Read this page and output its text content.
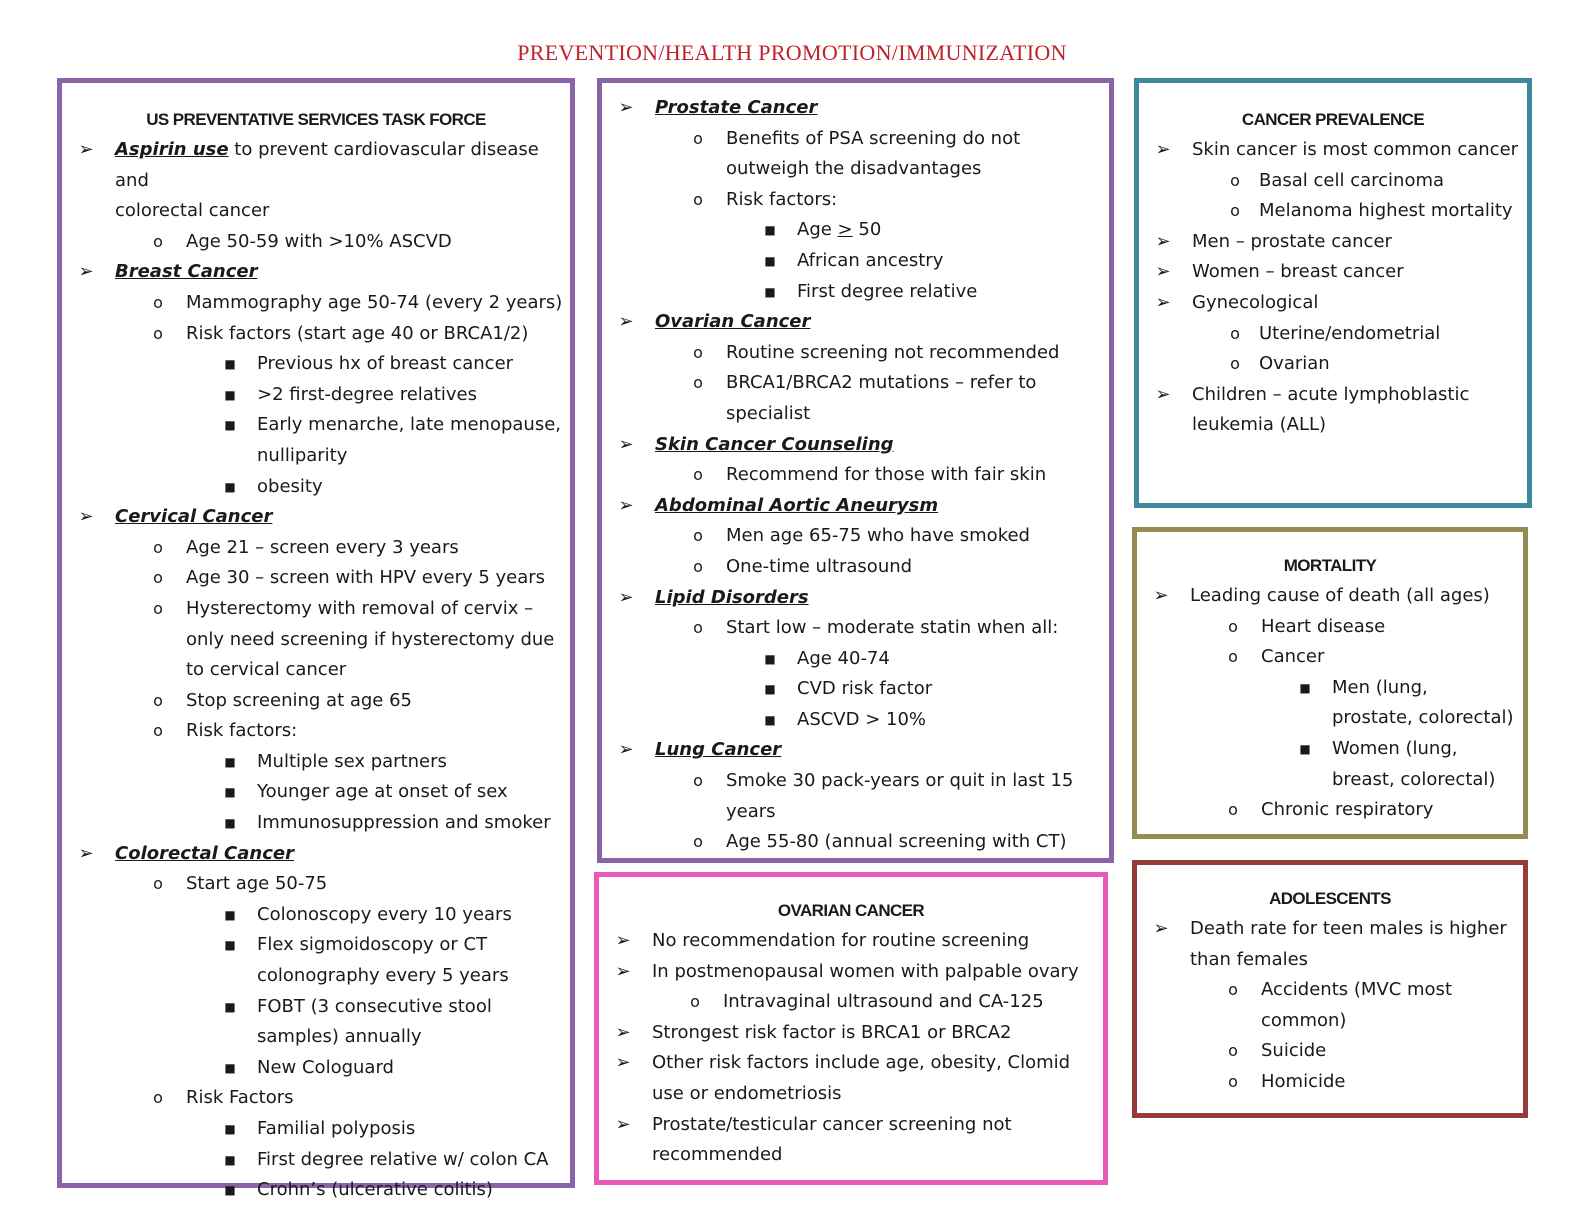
PREVENTION/HEALTH PROMOTION/IMMUNIZATION
US PREVENTATIVE SERVICES TASK FORCE
➢ Aspirin use to prevent cardiovascular disease and
colorectal cancer
o Age 50-59 with >10% ASCVD
➢ Breast Cancer
o Mammography age 50-74 (every 2 years)
o Risk factors (start age 40 or BRCA1/2)
■ Previous hx of breast cancer
■ >2 first-degree relatives
■ Early menarche, late menopause,
nulliparity
■ obesity
➢ Cervical Cancer
o Age 21 – screen every 3 years
o Age 30 – screen with HPV every 5 years
o Hysterectomy with removal of cervix –
only need screening if hysterectomy due
to cervical cancer
o Stop screening at age 65
o Risk factors:
■ Multiple sex partners
■ Younger age at onset of sex
■ Immunosuppression and smoker
➢ Colorectal Cancer
o Start age 50-75
■ Colonoscopy every 10 years
■ Flex sigmoidoscopy or CT
colonography every 5 years
■ FOBT (3 consecutive stool
samples) annually
■ New Cologuard
o Risk Factors
■ Familial polyposis
■ First degree relative w/ colon CA
■ Crohn’s (ulcerative colitis)
➢ Prostate Cancer
o Benefits of PSA screening do not
outweigh the disadvantages
o Risk factors:
■ Age > 50
■ African ancestry
■ First degree relative
➢ Ovarian Cancer
o Routine screening not recommended
o BRCA1/BRCA2 mutations – refer to
specialist
➢ Skin Cancer Counseling
o Recommend for those with fair skin
➢ Abdominal Aortic Aneurysm
o Men age 65-75 who have smoked
o One-time ultrasound
➢ Lipid Disorders
o Start low – moderate statin when all:
■ Age 40-74
■ CVD risk factor
■ ASCVD > 10%
➢ Lung Cancer
o Smoke 30 pack-years or quit in last 15
years
o Age 55-80 (annual screening with CT)
CANCER PREVALENCE
➢ Skin cancer is most common cancer
o Basal cell carcinoma
o Melanoma highest mortality
➢ Men – prostate cancer
➢ Women – breast cancer
➢ Gynecological
o Uterine/endometrial
o Ovarian
➢ Children – acute lymphoblastic
leukemia (ALL)
MORTALITY
➢ Leading cause of death (all ages)
o Heart disease
o Cancer
■ Men (lung,
prostate, colorectal)
■ Women (lung,
breast, colorectal)
o Chronic respiratory
ADOLESCENTS
➢ Death rate for teen males is higher
than females
o Accidents (MVC most
common)
o Suicide
o Homicide
OVARIAN CANCER
➢ No recommendation for routine screening
➢ In postmenopausal women with palpable ovary
o Intravaginal ultrasound and CA-125
➢ Strongest risk factor is BRCA1 or BRCA2
➢ Other risk factors include age, obesity, Clomid
use or endometriosis
➢ Prostate/testicular cancer screening not
recommended
